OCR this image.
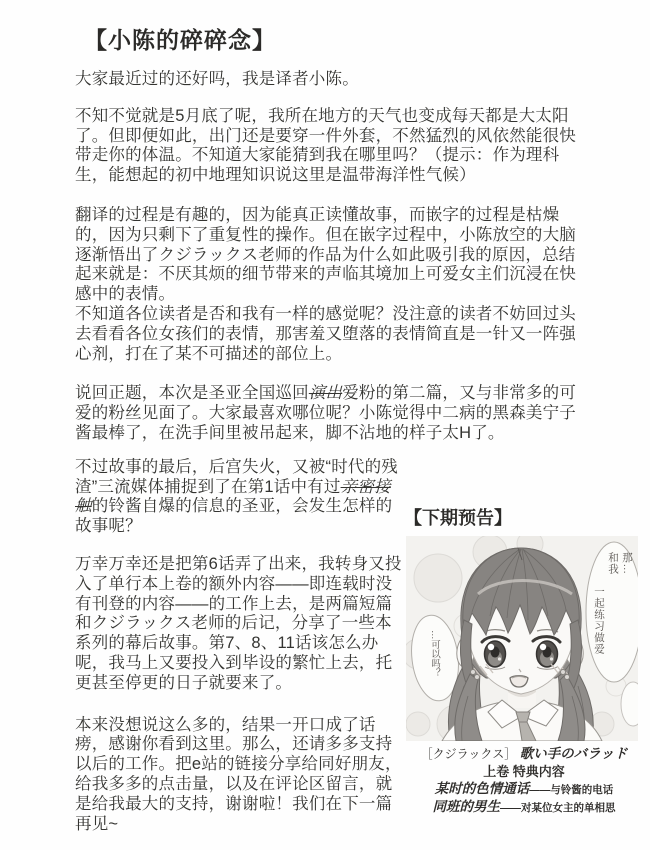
【小陈的碎碎念】

大家最近过的还好吗，我是译者小陈。

不知不觉就是5月底了呢，我所在地方的天气也变成每天都是大太阳了。但即便如此，出门还是要穿一件外套，不然猛烈的风依然能很快带走你的体温。不知道大家能猜到我在哪里吗？（提示：作为理科生，能想起的初中地理知识说这里是温带海洋性气候）

翻译的过程是有趣的，因为能真正读懂故事，而嵌字的过程是枯燥的，因为只剩下了重复性的操作。但在嵌字过程中，小陈放空的大脑逐渐悟出了クジラックス老师的作品为什么如此吸引我的原因，总结起来就是：不厌其烦的细节带来的声临其境加上可爱女主们沉浸在快感中的表情。
不知道各位读者是否和我有一样的感觉呢？没注意的读者不妨回过头去看看各位女孩们的表情，那害羞又堕落的表情简直是一针又一阵强心剂，打在了某不可描述的部位上。

说回正题，本次是圣亚全国巡回演出爱粉的第二篇，又与非常多的可爱的粉丝见面了。大家最喜欢哪位呢？小陈觉得中二病的黑森美宁子酱最棒了，在洗手间里被吊起来，脚不沾地的样子太H了。

不过故事的最后，后宫失火，又被“时代的残渣”三流媒体捕捉到了在第1话中有过亲密接触的铃酱自爆的信息的圣亚，会发生怎样的故事呢？

万幸万幸还是把第6话弄了出来，我转身又投入了单行本上卷的额外内容——即连载时没有刊登的内容——的工作上去，是两篇短篇和クジラックス老师的后记，分享了一些本系列的幕后故事。第7、8、11话该怎么办呢，我马上又要投入到毕设的繁忙上去，托更甚至停更的日子就要来了。

本来没想说这么多的，结果一开口成了话痨，感谢你看到这里。那么，还请多多支持以后的工作。把e站的链接分享给同好朋友，给我多多的点击量，以及在评论区留言，就是给我最大的支持，谢谢啦！我们在下一篇再见~

【下期预告】
那…
和我
一起练习做爱
…可以吗？
［クジラックス］ 歌い手のバラッド
上卷 特典内容
某时的色情通话——与铃酱的电话
同班的男生——对某位女主的单相思
